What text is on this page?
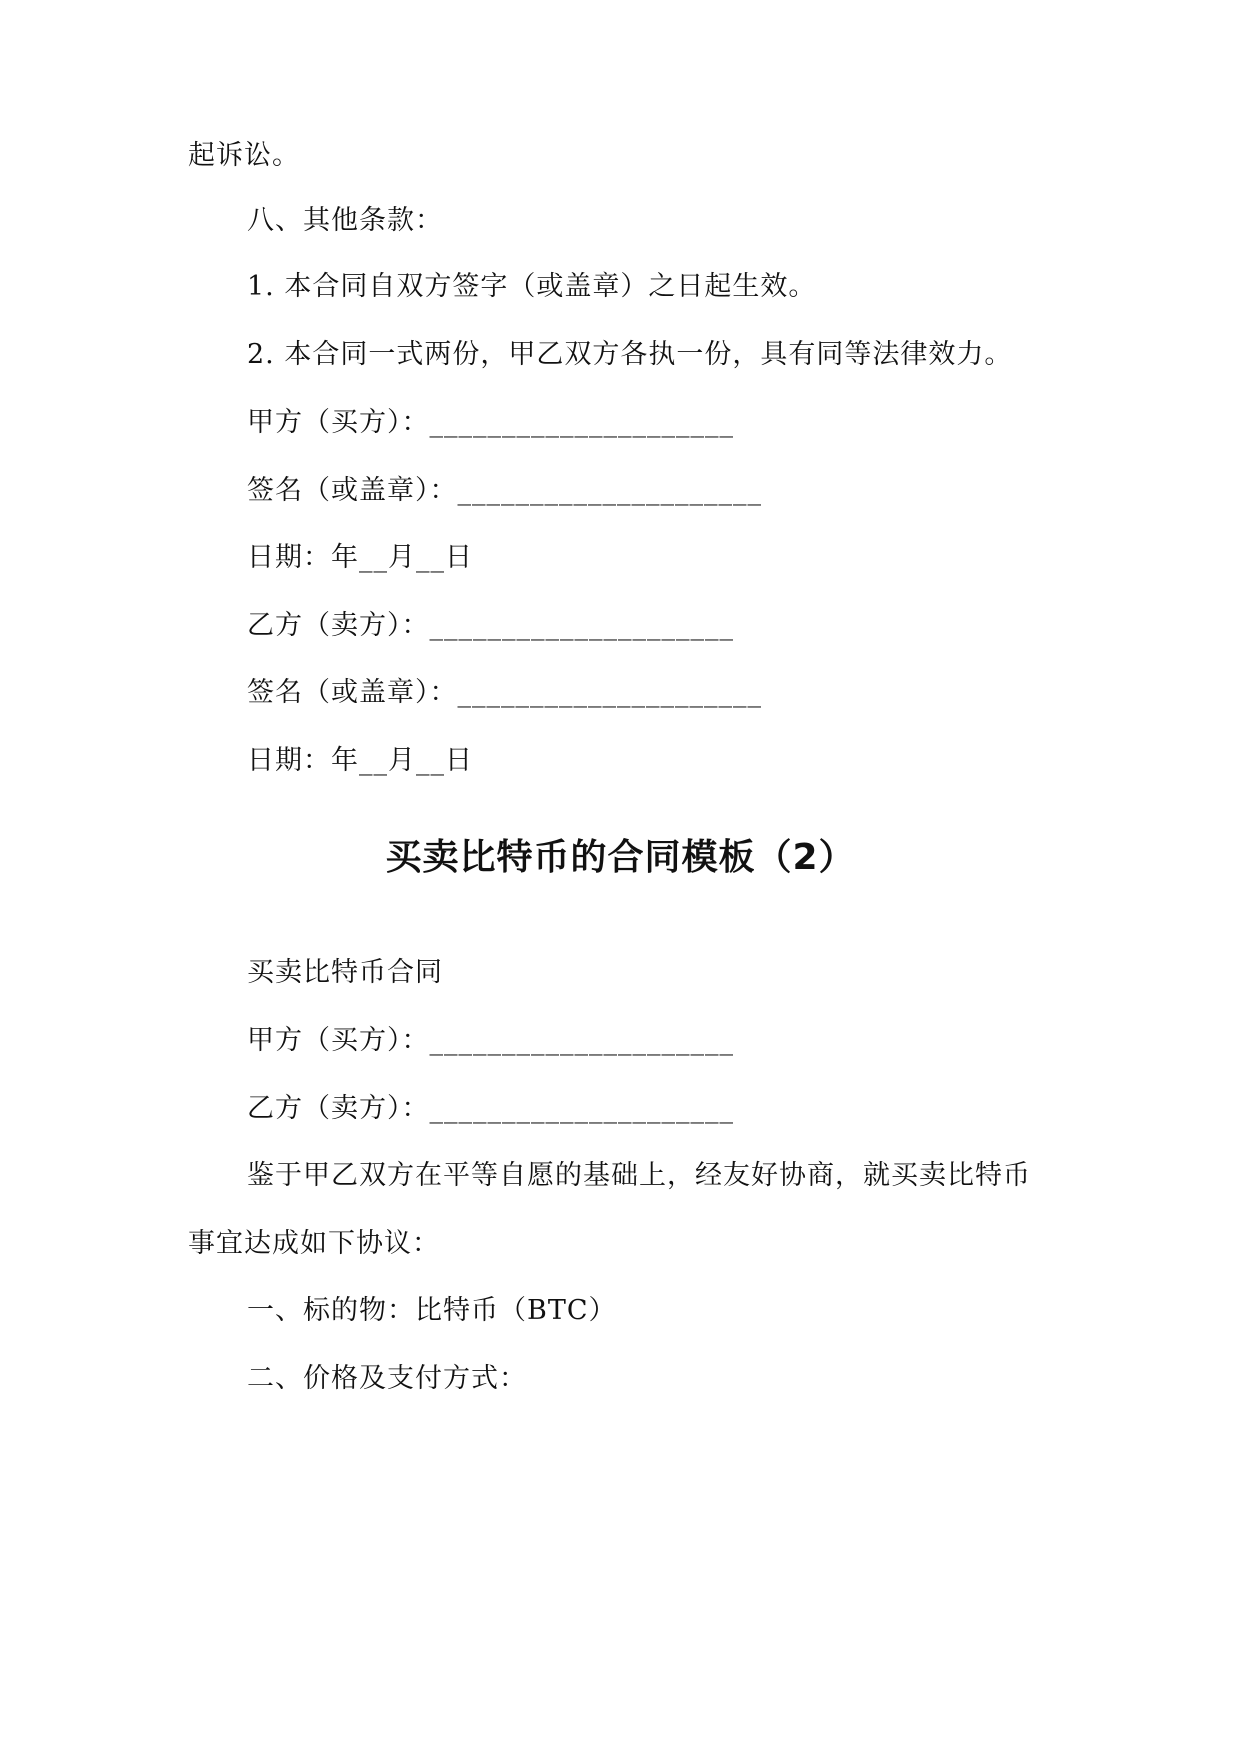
起诉讼。
八、其他条款：
1. 本合同自双方签字（或盖章）之日起生效。
2. 本合同一式两份，甲乙双方各执一份，具有同等法律效力。
甲方（买方）：_____________________
签名（或盖章）：_____________________
日期：年__月__日
乙方（卖方）：_____________________
签名（或盖章）：_____________________
日期：年__月__日
买卖比特币的合同模板（2）
买卖比特币合同
甲方（买方）：_____________________
乙方（卖方）：_____________________
鉴于甲乙双方在平等自愿的基础上，经友好协商，就买卖比特币
事宜达成如下协议：
一、标的物：比特币（BTC）
二、价格及支付方式：
